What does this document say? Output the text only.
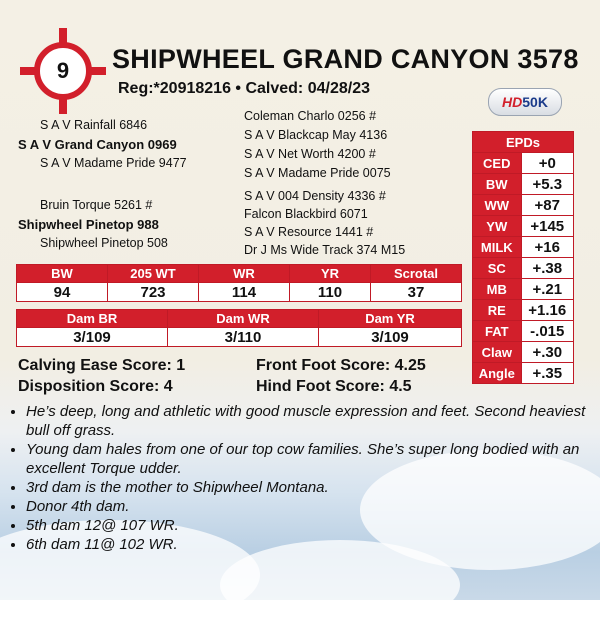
9	SHIPWHEEL GRAND CANYON 3578
Reg:*20918216 • Calved: 04/28/23
HD50K
S A V Rainfall 6846
S A V Grand Canyon 0969
S A V Madame Pride 9477
Bruin Torque 5261 #
Shipwheel Pinetop 988
Shipwheel Pinetop 508
Coleman Charlo 0256 #
S A V Blackcap May 4136
S A V Net Worth 4200 #
S A V Madame Pride 0075
S A V 004 Density 4336 #
Falcon Blackbird 6071
S A V Resource 1441 #
Dr J Ms Wide Track 374 M15
BW	205 WT	WR	YR	Scrotal
94	723	114	110	37
Dam BR	Dam WR	Dam YR
3/109	3/110	3/109
EPDs	
CED	+0
BW	+5.3
WW	+87
YW	+145
MILK	+16
SC	+.38
MB	+.21
RE	+1.16
FAT	-.015
Claw	+.30
Angle	+.35
Calving Ease Score: 1
Disposition Score: 4
Front Foot Score: 4.25
Hind Foot Score: 4.5
• He’s deep, long and athletic with good muscle expression and feet. Second heaviest bull off grass.
• Young dam hales from one of our top cow families. She’s super long bodied with an excellent Torque udder.
• 3rd dam is the mother to Shipwheel Montana.
• Donor 4th dam.
• 5th dam 12@ 107 WR.
• 6th dam 11@ 102 WR.
